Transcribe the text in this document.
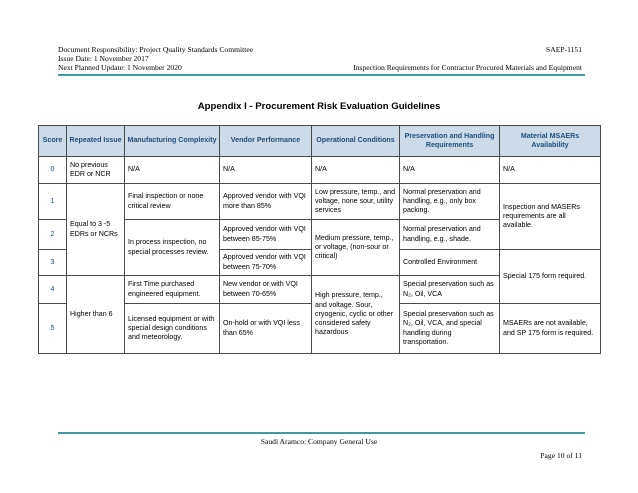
Document Responsibility: Project Quality Standards Committee
Issue Date: 1 November 2017
Next Planned Update: 1 November 2020
SAEP-1151
Inspection Requirements for Contractor Procured Materials and Equipment
Appendix I - Procurement Risk Evaluation Guidelines
Score	Repeated Issue	Manufacturing Complexity	Vendor Performance	Operational Conditions	Preservation and Handling Requirements	Material MSAERs Availability
0	No previous EDR or NCR	N/A	N/A	N/A	N/A	N/A
1	Equal to 3 -5 EDRs or NCRs	Final inspection or none critical review	Approved vendor with VQI more than 85%	Low pressure, temp., and voltage, none sour, utility services	Normal preservation and handling, e.g., only box packing.	Inspection and MASERs requirements are all available.
2		In process inspection, no special processes review.	Approved vendor with VQI between 85-75%	Medium pressure, temp., or voltage, (non-sour or critical)	Normal preservation and handling, e.g., shade.	
3			Approved vendor with VQI between 75-70%		Controlled Environment	Special 175 form required.
4	Higher than 6	First Time purchased engineered equipment.	New vendor or with VQI between 70-65%	High pressure, temp., and voltage. Sour, cryogenic, cyclic or other considered safety hazardous	Special preservation such as N₂, Oil, VCA	
5		Licensed equipment or with special design conditions and meteorology.	On-hold or with VQI less than 65%		Special preservation such as N₂, Oil, VCA, and special handling during transportation.	MSAERs are not available, and SP 175 form is required.
Saudi Aramco: Company General Use
Page 10 of 11
